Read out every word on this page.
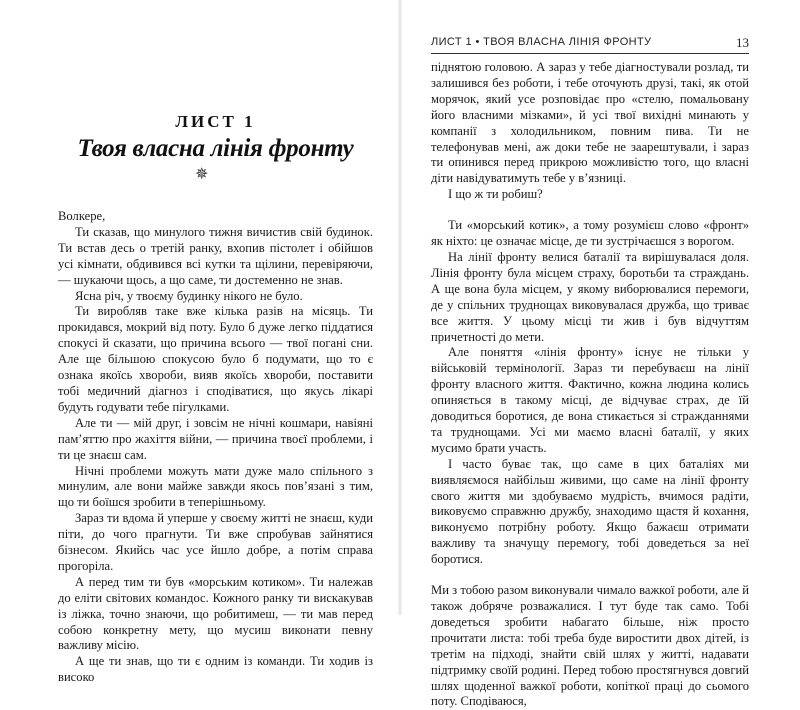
ЛИСТ 1
Твоя власна лінія фронту
✵

Волкере,

Ти сказав, що минулого тижня вичистив свій будинок. Ти встав десь о третій ранку, вхопив пістолет і обійшов усі кімнати, обдивився всі кутки та щілини, перевіряючи, — шукаючи щось, а що саме, ти достеменно не знав.

Ясна річ, у твоєму будинку нікого не було.

Ти виробляв таке вже кілька разів на місяць. Ти прокидався, мокрий від поту. Було б дуже легко піддатися спокусі й сказати, що причина всього — твої погані сни. Але ще більшою спокусою було б подумати, що то є ознака якоїсь хвороби, вияв якоїсь хвороби, поставити тобі медичний діагноз і сподіватися, що якусь лікарі будуть годувати тебе пігулками.

Але ти — мій друг, і зовсім не нічні кошмари, навіяні пам’яттю про жахіття війни, — причина твоєї проблеми, і ти це знаєш сам.

Нічні проблеми можуть мати дуже мало спільного з минулим, але вони майже завжди якось пов’язані з тим, що ти боїшся зробити в теперішньому.

Зараз ти вдома й уперше у своєму житті не знаєш, куди піти, до чого прагнути. Ти вже спробував зайнятися бізнесом. Якийсь час усе йшло добре, а потім справа прогоріла.

А перед тим ти був «морським котиком». Ти належав до еліти світових командос. Кожного ранку ти вискакував із ліжка, точно знаючи, що робитимеш, — ти мав перед собою конкретну мету, що мусиш виконати певну важливу місію.

А ще ти знав, що ти є одним із команди. Ти ходив із високо

ЛИСТ 1 • ТВОЯ ВЛАСНА ЛІНІЯ ФРОНТУ	13

піднятою головою. А зараз у тебе діагностували розлад, ти залишився без роботи, і тебе оточують друзі, такі, як отой морячок, який усе розповідає про «стелю, помальовану його власними мізками», й усі твої вихідні минають у компанії з холодильником, повним пива. Ти не телефонував мені, аж доки тебе не заарештували, і зараз ти опинився перед прикрою можливістю того, що власні діти навідуватимуть тебе у в’язниці.

І що ж ти робиш?

Ти «морський котик», а тому розумієш слово «фронт» як ніхто: це означає місце, де ти зустрічаєшся з ворогом.

На лінії фронту велися баталії та вирішувалася доля. Лінія фронту була місцем страху, боротьби та страждань. А ще вона була місцем, у якому виборювалися перемоги, де у спільних труднощах виковувалася дружба, що триває все життя. У цьому місці ти жив і був відчуттям причетності до мети.

Але поняття «лінія фронту» існує не тільки у військовій термінології. Зараз ти перебуваєш на лінії фронту власного життя. Фактично, кожна людина колись опиняється в такому місці, де відчуває страх, де їй доводиться боротися, де вона стикається зі стражданнями та труднощами. Усі ми маємо власні баталії, у яких мусимо брати участь.

І часто буває так, що саме в цих баталіях ми виявляємося найбільш живими, що саме на лінії фронту свого життя ми здобуваємо мудрість, вчимося радіти, виковуємо справжню дружбу, знаходимо щастя й кохання, виконуємо потрібну роботу. Якщо бажаєш отримати важливу та значущу перемогу, тобі доведеться за неї боротися.

Ми з тобою разом виконували чимало важкої роботи, але й також добряче розважалися. І тут буде так само. Тобі доведеться зробити набагато більше, ніж просто прочитати листа: тобі треба буде виростити двох дітей, із третім на підході, знайти свій шлях у житті, надавати підтримку своїй родині. Перед тобою простягнувся довгий шлях щоденної важкої роботи, копіткої праці до сьомого поту. Сподіваюся,
